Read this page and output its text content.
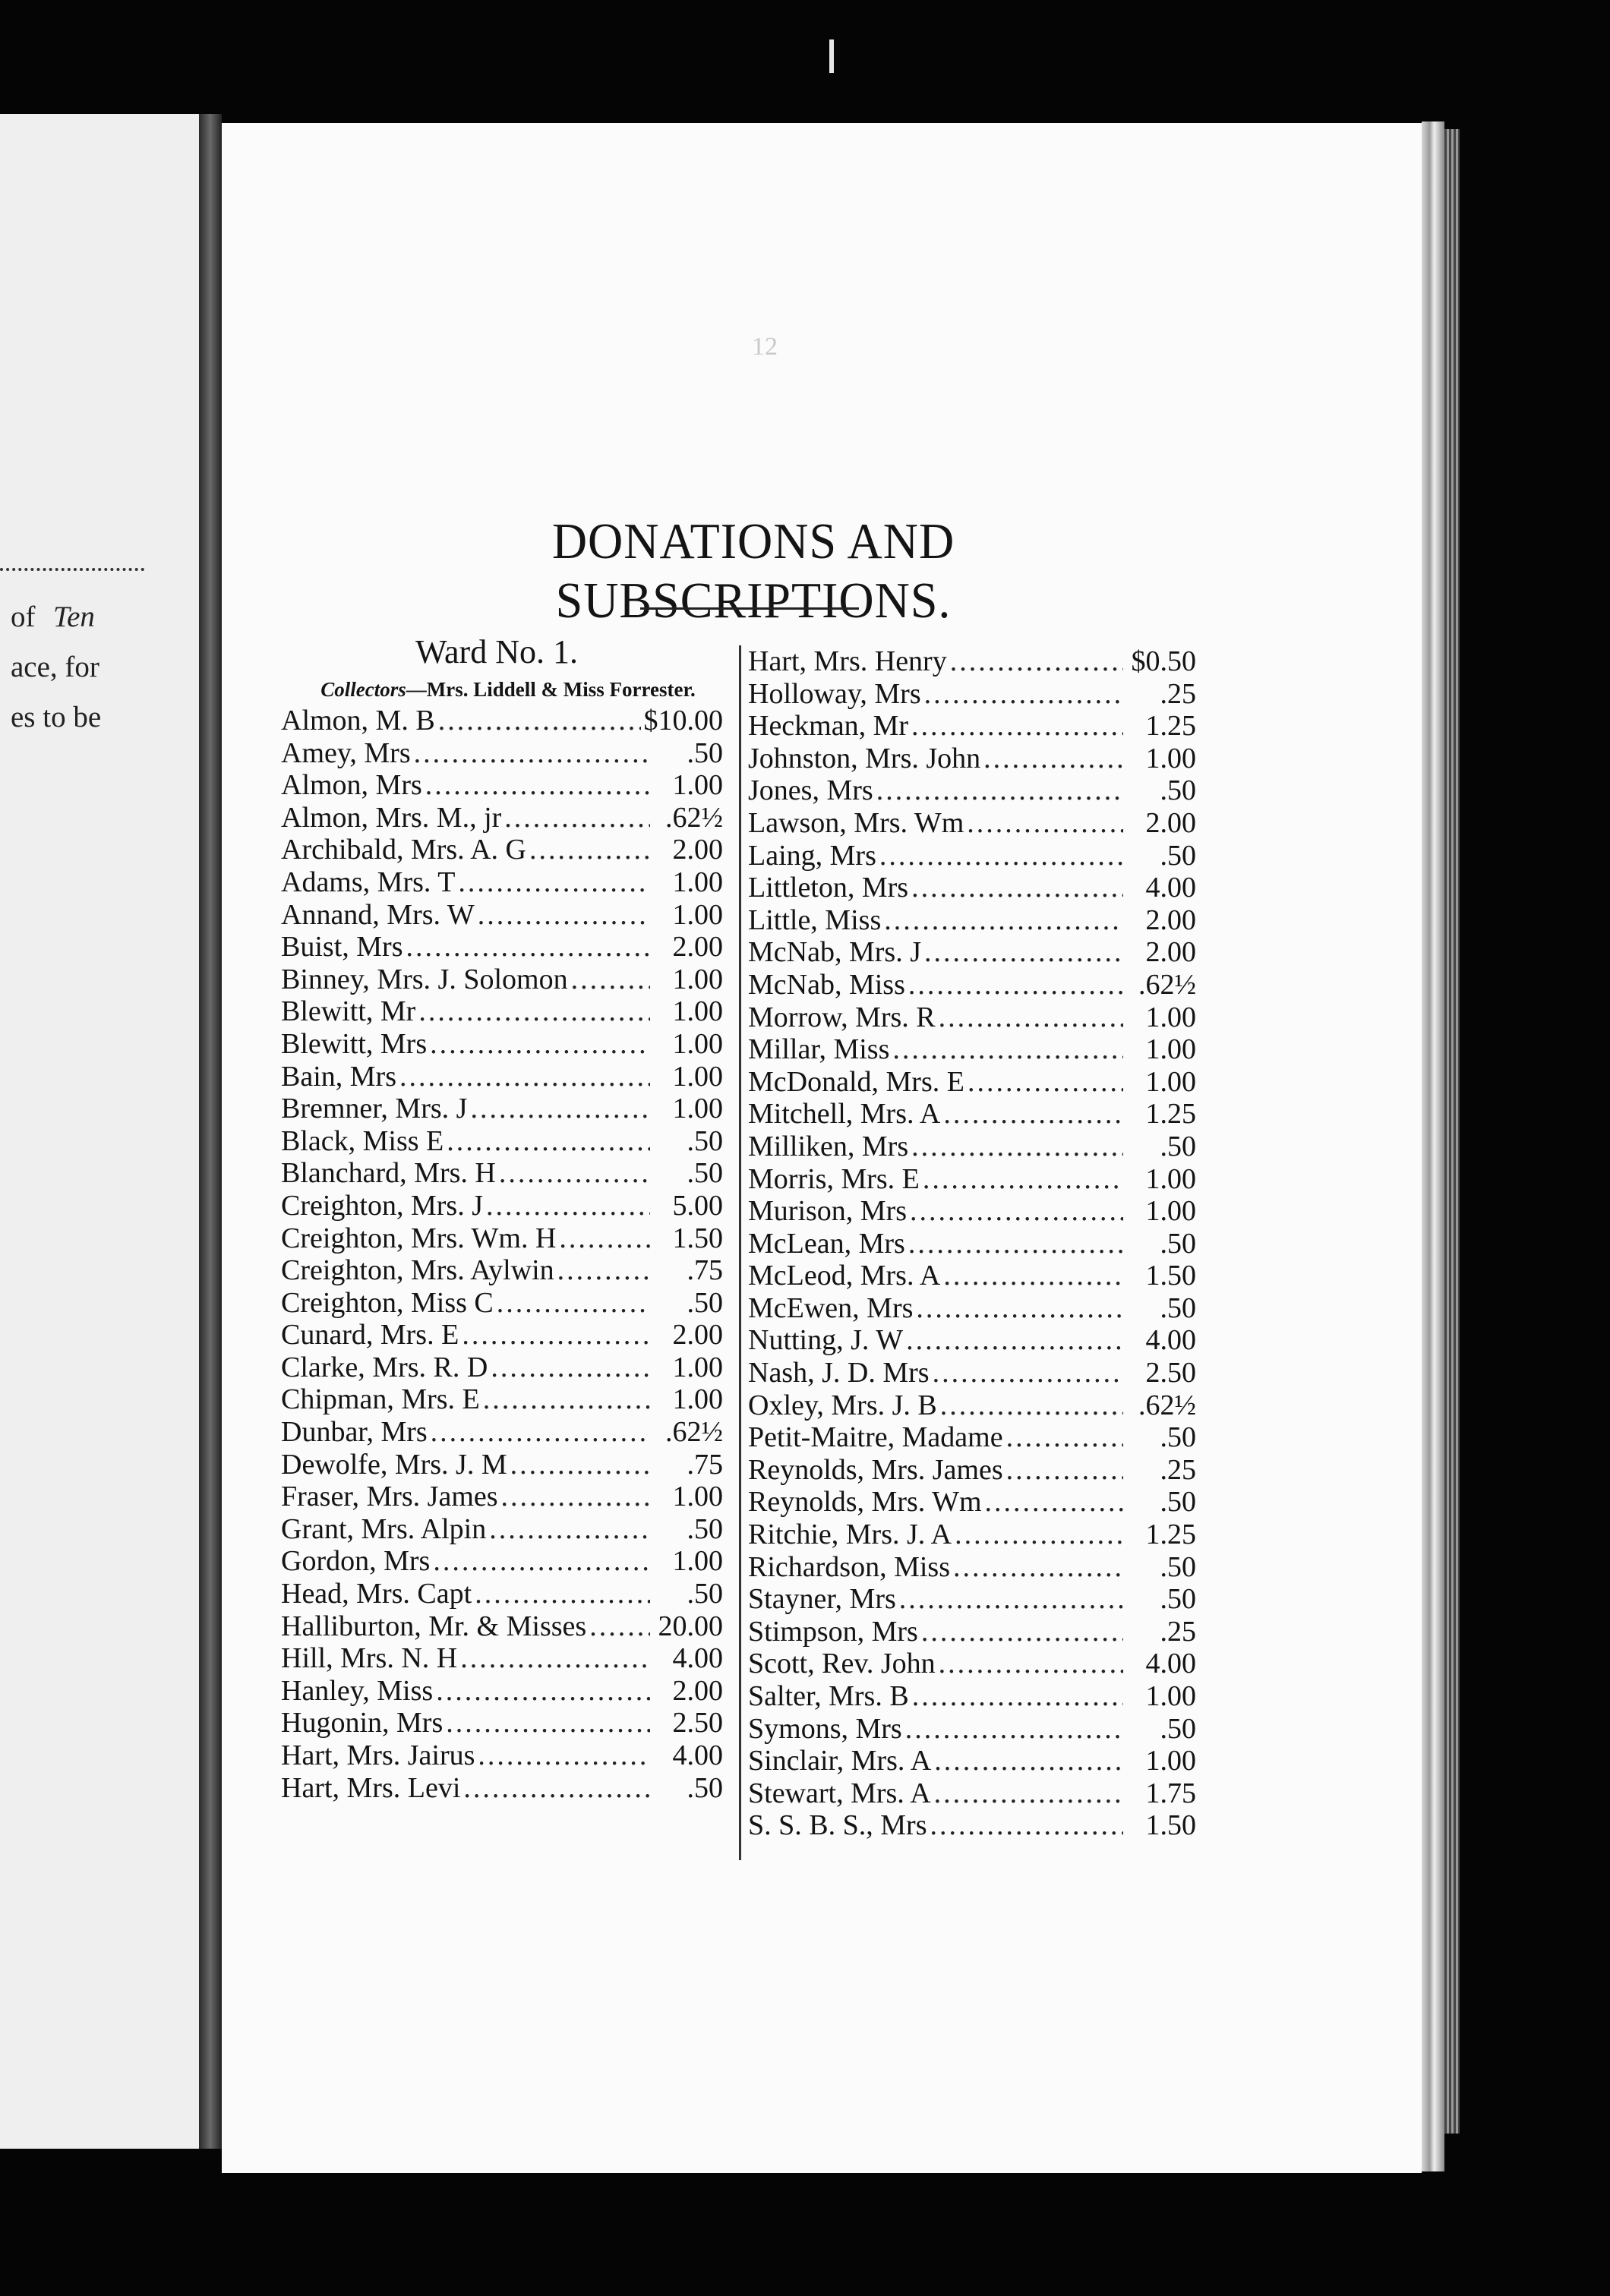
of Ten
ace, for
es to be
12
DONATIONS AND SUBSCRIPTIONS.
Ward No. 1.
Collectors—Mrs. Liddell & Miss Forrester.
Almon, M. B .....	$10.00
Amey, Mrs .....	.50
Almon, Mrs .....	1.00
Almon, Mrs. M., jr .....	.62½
Archibald, Mrs. A. G .....	2.00
Adams, Mrs. T .....	1.00
Annand, Mrs. W .....	1.00
Buist, Mrs .....	2.00
Binney, Mrs. J. Solomon .....	1.00
Blewitt, Mr .....	1.00
Blewitt, Mrs .....	1.00
Bain, Mrs .....	1.00
Bremner, Mrs. J .....	1.00
Black, Miss E .....	.50
Blanchard, Mrs. H .....	.50
Creighton, Mrs. J .....	5.00
Creighton, Mrs. Wm. H .....	1.50
Creighton, Mrs. Aylwin .....	.75
Creighton, Miss C .....	.50
Cunard, Mrs. E .....	2.00
Clarke, Mrs. R. D .....	1.00
Chipman, Mrs. E .....	1.00
Dunbar, Mrs .....	.62½
Dewolfe, Mrs. J. M .....	.75
Fraser, Mrs. James .....	1.00
Grant, Mrs. Alpin .....	.50
Gordon, Mrs .....	1.00
Head, Mrs. Capt .....	.50
Halliburton, Mr. & Misses ..... 20.00
Hill, Mrs. N. H .....	4.00
Hanley, Miss .....	2.00
Hugonin, Mrs .....	2.50
Hart, Mrs. Jairus .....	4.00
Hart, Mrs. Levi .....	.50
Hart, Mrs. Henry .....	$0.50
Holloway, Mrs .....	.25
Heckman, Mr .....	1.25
Johnston, Mrs. John .....	1.00
Jones, Mrs .....	.50
Lawson, Mrs. Wm .....	2.00
Laing, Mrs .....	.50
Littleton, Mrs .....	4.00
Little, Miss .....	2.00
McNab, Mrs. J .....	2.00
McNab, Miss .....	.62½
Morrow, Mrs. R .....	1.00
Millar, Miss .....	1.00
McDonald, Mrs. E .....	1.00
Mitchell, Mrs. A .....	1.25
Milliken, Mrs .....	.50
Morris, Mrs. E .....	1.00
Murison, Mrs .....	1.00
McLean, Mrs .....	.50
McLeod, Mrs. A .....	1.50
McEwen, Mrs .....	.50
Nutting, J. W .....	4.00
Nash, J. D. Mrs .....	2.50
Oxley, Mrs. J. B .....	.62½
Petit-Maitre, Madame .....	.50
Reynolds, Mrs. James .....	.25
Reynolds, Mrs. Wm .....	.50
Ritchie, Mrs. J. A .....	1.25
Richardson, Miss .....	.50
Stayner, Mrs .....	.50
Stimpson, Mrs .....	.25
Scott, Rev. John .....	4.00
Salter, Mrs. B .....	1.00
Symons, Mrs .....	.50
Sinclair, Mrs. A .....	1.00
Stewart, Mrs. A .....	1.75
S. S. B. S., Mrs .....	1.50
